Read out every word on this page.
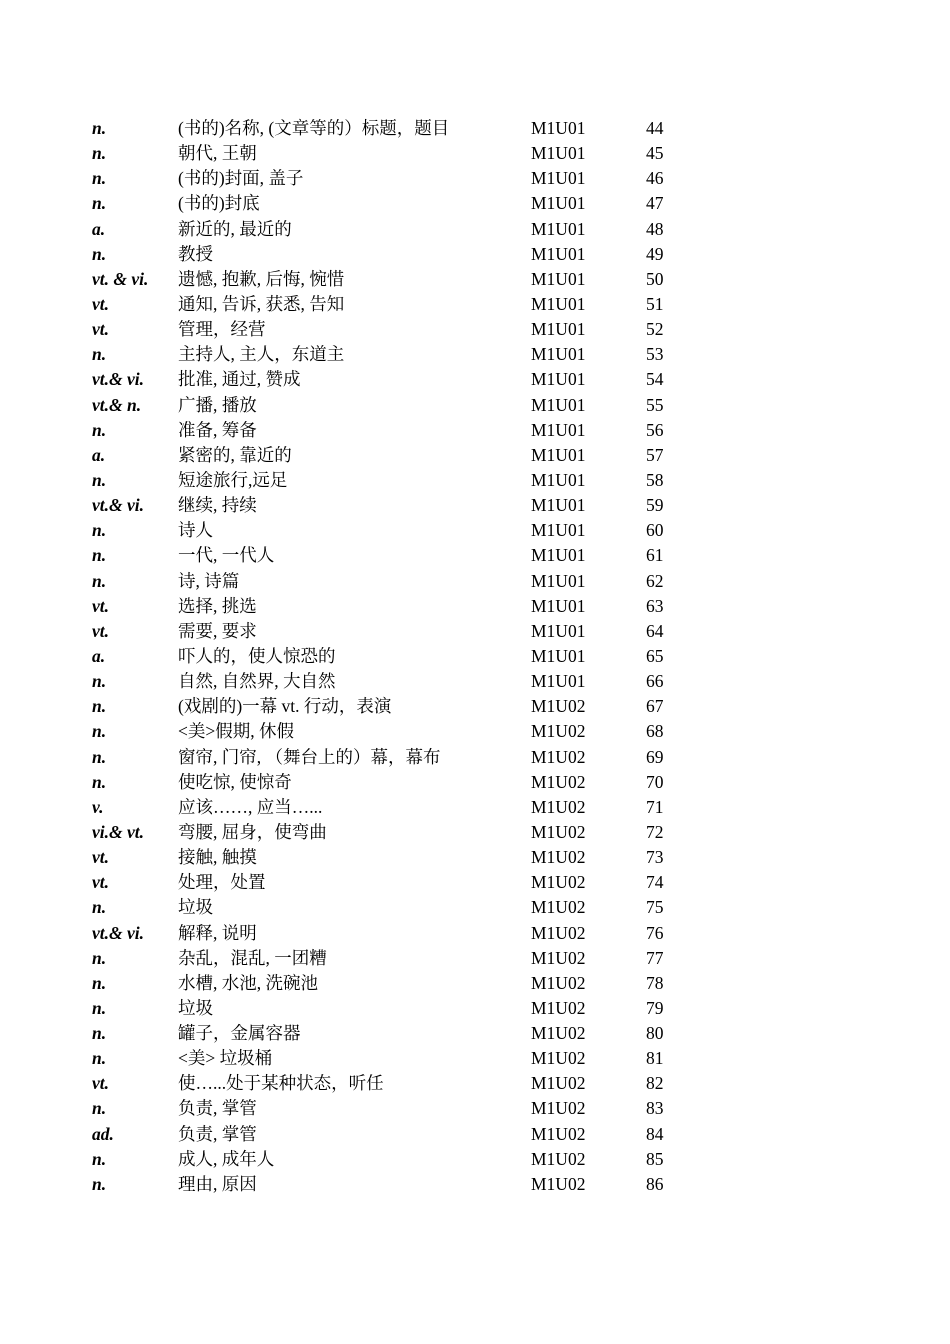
n.	(书的)名称, (文章等的）标题，题目	M1U01	44
n.	朝代, 王朝	M1U01	45
n.	(书的)封面, 盖子	M1U01	46
n.	(书的)封底	M1U01	47
a.	新近的, 最近的	M1U01	48
n.	教授	M1U01	49
vt. & vi. 遗憾, 抱歉, 后悔, 惋惜	M1U01	50
vt.	通知, 告诉, 获悉, 告知	M1U01	51
vt.	管理，经营	M1U01	52
n.	主持人, 主人，东道主	M1U01	53
vt.& vi. 批准, 通过, 赞成	M1U01	54
vt.& n. 广播, 播放	M1U01	55
n.	准备, 筹备	M1U01	56
a.	紧密的, 靠近的	M1U01	57
n.	短途旅行,远足	M1U01	58
vt.& vi. 继续, 持续	M1U01	59
n.	诗人	M1U01	60
n.	一代, 一代人	M1U01	61
n.	诗, 诗篇	M1U01	62
vt.	选择, 挑选	M1U01	63
vt.	需要, 要求	M1U01	64
a.	吓人的，使人惊恐的	M1U01	65
n.	自然, 自然界, 大自然	M1U01	66
n.	(戏剧的)一幕 vt. 行动，表演	M1U02	67
n.	<美>假期, 休假	M1U02	68
n.	窗帘, 门帘, （舞台上的）幕，幕布	M1U02	69
n.	使吃惊, 使惊奇	M1U02	70
v.	应该……, 应当…...	M1U02	71
vi.& vt. 弯腰, 屈身，使弯曲	M1U02	72
vt.	接触, 触摸	M1U02	73
vt.	处理，处置	M1U02	74
n.	垃圾	M1U02	75
vt.& vi. 解释, 说明	M1U02	76
n.	杂乱，混乱, 一团糟	M1U02	77
n.	水槽, 水池, 洗碗池	M1U02	78
n.	垃圾	M1U02	79
n.	罐子，金属容器	M1U02	80
n.	<美> 垃圾桶	M1U02	81
vt.	使…...处于某种状态，听任	M1U02	82
n.	负责, 掌管	M1U02	83
ad.	负责, 掌管	M1U02	84
n.	成人, 成年人	M1U02	85
n.	理由, 原因	M1U02	86
